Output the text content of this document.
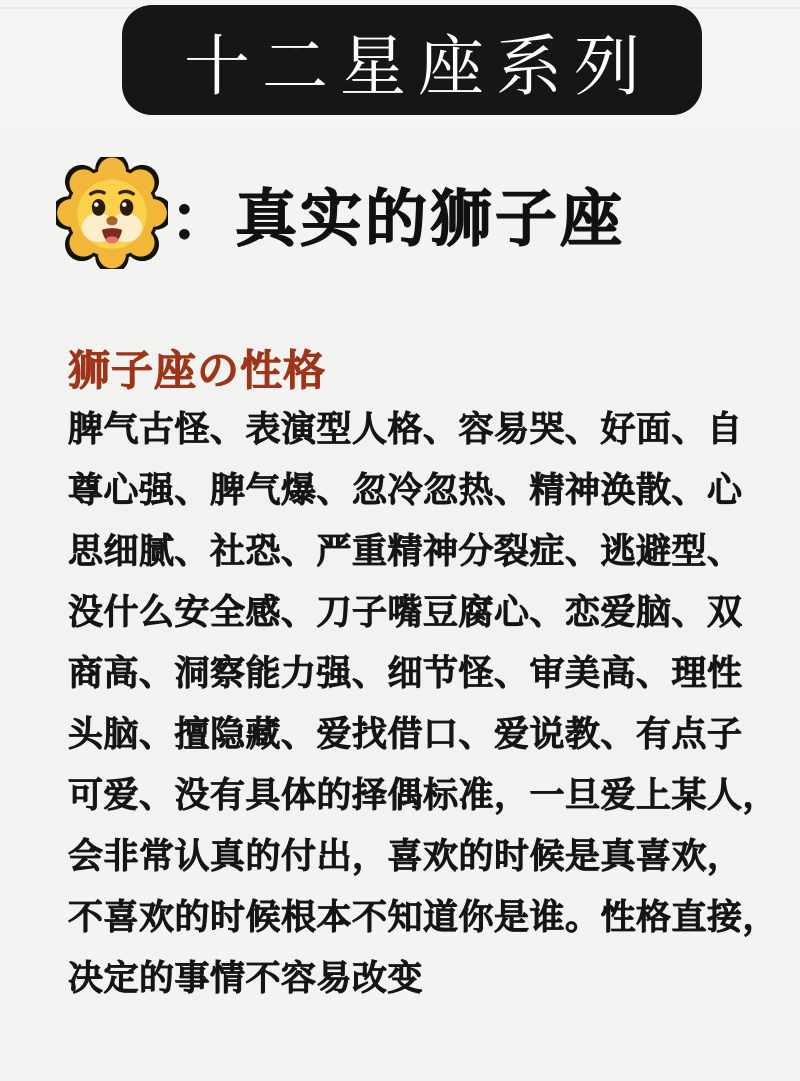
十二星座系列
：真实的狮子座
狮子座の性格
脾气古怪、表演型人格、容易哭、好面、自
尊心强、脾气爆、忽冷忽热、精神涣散、心
思细腻、社恐、严重精神分裂症、逃避型、
没什么安全感、刀子嘴豆腐心、恋爱脑、双
商高、洞察能力强、细节怪、审美高、理性
头脑、擅隐藏、爱找借口、爱说教、有点子
可爱、没有具体的择偶标准，一旦爱上某人，
会非常认真的付出，喜欢的时候是真喜欢，
不喜欢的时候根本不知道你是谁。性格直接，
决定的事情不容易改变
